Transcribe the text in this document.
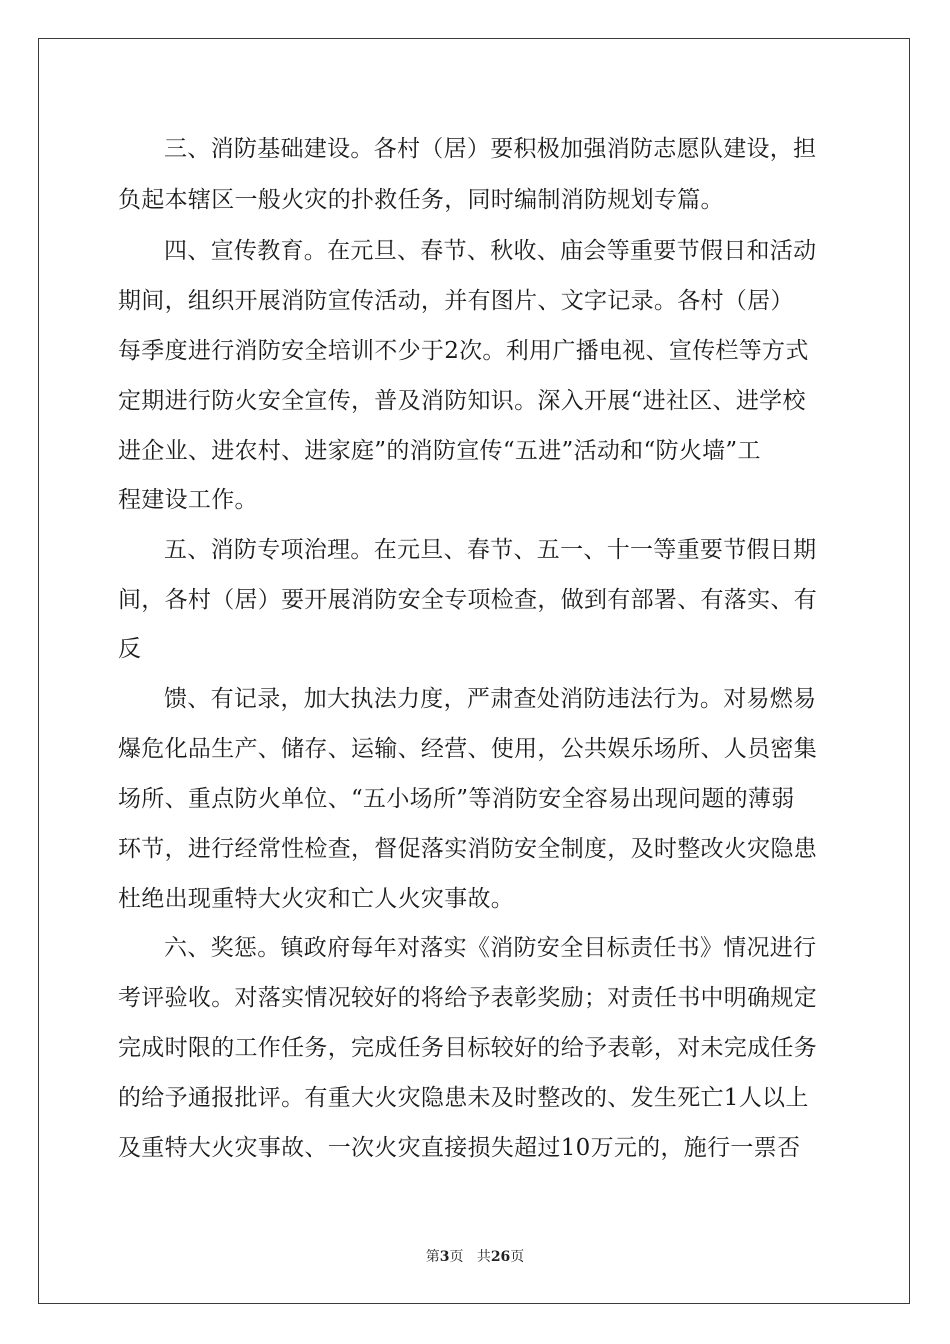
三、消防基础建设。各村（居）要积极加强消防志愿队建设，担
负起本辖区一般火灾的扑救任务，同时编制消防规划专篇。
四、宣传教育。在元旦、春节、秋收、庙会等重要节假日和活动
期间，组织开展消防宣传活动，并有图片、文字记录。各村（居）
每季度进行消防安全培训不少于2次。利用广播电视、宣传栏等方式
定期进行防火安全宣传，普及消防知识。深入开展“进社区、进学校
进企业、进农村、进家庭”的消防宣传“五进”活动和“防火墙”工
程建设工作。
五、消防专项治理。在元旦、春节、五一、十一等重要节假日期
间，各村（居）要开展消防安全专项检查，做到有部署、有落实、有
反
馈、有记录，加大执法力度，严肃查处消防违法行为。对易燃易
爆危化品生产、储存、运输、经营、使用，公共娱乐场所、人员密集
场所、重点防火单位、“五小场所”等消防安全容易出现问题的薄弱
环节，进行经常性检查，督促落实消防安全制度，及时整改火灾隐患
杜绝出现重特大火灾和亡人火灾事故。
六、奖惩。镇政府每年对落实《消防安全目标责任书》情况进行
考评验收。对落实情况较好的将给予表彰奖励；对责任书中明确规定
完成时限的工作任务，完成任务目标较好的给予表彰，对未完成任务
的给予通报批评。有重大火灾隐患未及时整改的、发生死亡1人以上
及重特大火灾事故、一次火灾直接损失超过10万元的，施行一票否
第3页 共26页
